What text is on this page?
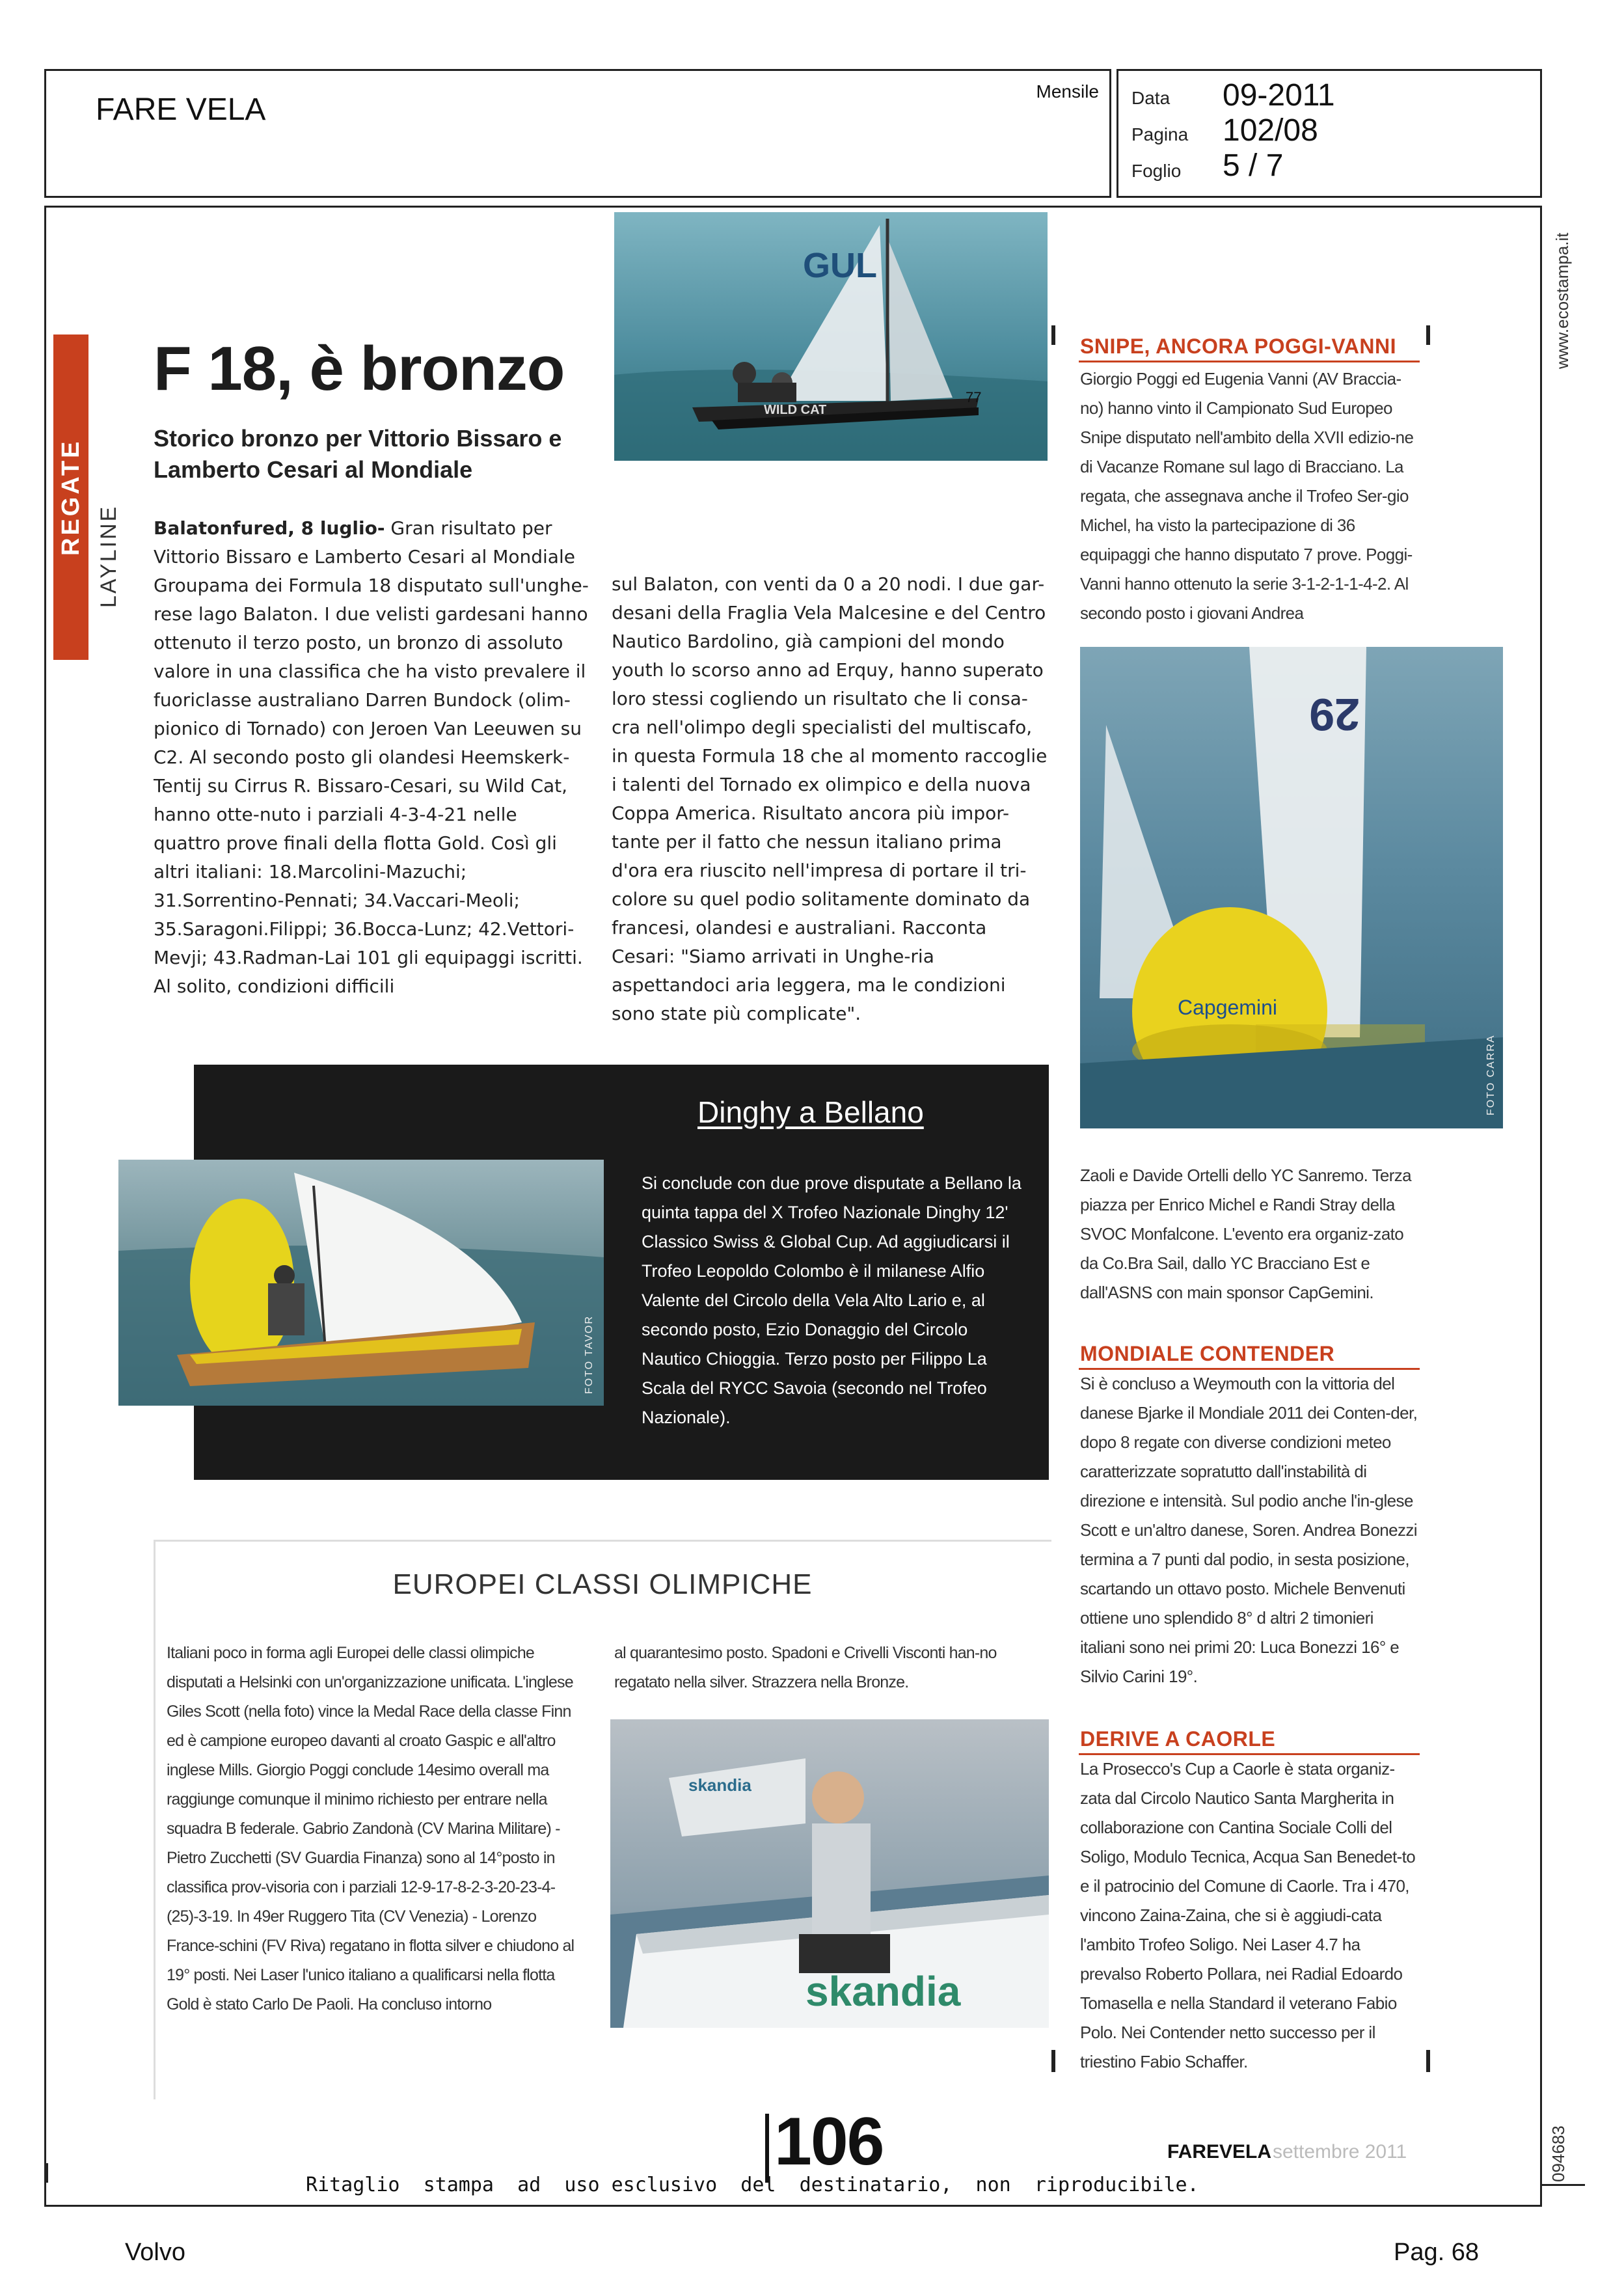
FARE VELA
Mensile Data 09-2011
Pagina 102/08
Foglio 5 / 7
www.ecostampa.it
094683
REGATE
LAYLINE
F 18, è bronzo
Storico bronzo per Vittorio Bissaro e Lamberto Cesari al Mondiale
Balatonfured, 8 luglio- Gran risultato per Vittorio Bissaro e Lamberto Cesari al Mondiale Groupama dei Formula 18 disputato sull'unghe-rese lago Balaton. I due velisti gardesani hanno ottenuto il terzo posto, un bronzo di assoluto valore in una classifica che ha visto prevalere il fuoriclasse australiano Darren Bundock (olim-pionico di Tornado) con Jeroen Van Leeuwen su C2. Al secondo posto gli olandesi Heemskerk-Tentij su Cirrus R. Bissaro-Cesari, su Wild Cat, hanno otte-nuto i parziali 4-3-4-21 nelle quattro prove finali della flotta Gold. Così gli altri italiani: 18.Marcolini-Mazuchi; 31.Sorrentino-Pennati; 34.Vaccari-Meoli; 35.Saragoni.Filippi; 36.Bocca-Lunz; 42.Vettori-Mevji; 43.Radman-Lai 101 gli equipaggi iscritti. Al solito, condizioni difficili
sul Balaton, con venti da 0 a 20 nodi. I due gar-desani della Fraglia Vela Malcesine e del Centro Nautico Bardolino, già campioni del mondo youth lo scorso anno ad Erquy, hanno superato loro stessi cogliendo un risultato che li consa-cra nell'olimpo degli specialisti del multiscafo, in questa Formula 18 che al momento raccoglie i talenti del Tornado ex olimpico e della nuova Coppa America. Risultato ancora più impor-tante per il fatto che nessun italiano prima d'ora era riuscito nell'impresa di portare il tri-colore su quel podio solitamente dominato da francesi, olandesi e australiani. Racconta Cesari: "Siamo arrivati in Unghe-ria aspettandoci aria leggera, ma le condizioni sono state più complicate".
GUL
WILD CAT
77
SNIPE, ANCORA POGGI-VANNI
Giorgio Poggi ed Eugenia Vanni (AV Braccia-no) hanno vinto il Campionato Sud Europeo Snipe disputato nell'ambito della XVII edizio-ne di Vacanze Romane sul lago di Bracciano. La regata, che assegnava anche il Trofeo Ser-gio Michel, ha visto la partecipazione di 36 equipaggi che hanno disputato 7 prove. Poggi-Vanni hanno ottenuto la serie 3-1-2-1-1-4-2. Al secondo posto i giovani Andrea
29
Capgemini
FOTO CARRA
Zaoli e Davide Ortelli dello YC Sanremo. Terza piazza per Enrico Michel e Randi Stray della SVOC Monfalcone. L'evento era organiz-zato da Co.Bra Sail, dallo YC Bracciano Est e dall'ASNS con main sponsor CapGemini.
MONDIALE CONTENDER
Si è concluso a Weymouth con la vittoria del danese Bjarke il Mondiale 2011 dei Conten-der, dopo 8 regate con diverse condizioni meteo caratterizzate sopratutto dall'instabilità di direzione e intensità. Sul podio anche l'in-glese Scott e un'altro danese, Soren. Andrea Bonezzi termina a 7 punti dal podio, in sesta posizione, scartando un ottavo posto. Michele Benvenuti ottiene uno splendido 8° d altri 2 timonieri italiani sono nei primi 20: Luca Bonezzi 16° e Silvio Carini 19°.
DERIVE A CAORLE
La Prosecco's Cup a Caorle è stata organiz-zata dal Circolo Nautico Santa Margherita in collaborazione con Cantina Sociale Colli del Soligo, Modulo Tecnica, Acqua San Benedet-to e il patrocinio del Comune di Caorle. Tra i 470, vincono Zaina-Zaina, che si è aggiudi-cata l'ambito Trofeo Soligo. Nei Laser 4.7 ha prevalso Roberto Pollara, nei Radial Edoardo Tomasella e nella Standard il veterano Fabio Polo. Nei Contender netto successo per il triestino Fabio Schaffer.
FOTO TAVOR
Dinghy a Bellano
Si conclude con due prove disputate a Bellano la quinta tappa del X Trofeo Nazionale Dinghy 12' Classico Swiss & Global Cup. Ad aggiudicarsi il Trofeo Leopoldo Colombo è il milanese Alfio Valente del Circolo della Vela Alto Lario e, al secondo posto, Ezio Donaggio del Circolo Nautico Chioggia. Terzo posto per Filippo La Scala del RYCC Savoia (secondo nel Trofeo Nazionale).
EUROPEI CLASSI OLIMPICHE
Italiani poco in forma agli Europei delle classi olimpiche disputati a Helsinki con un'organizzazione unificata. L'inglese Giles Scott (nella foto) vince la Medal Race della classe Finn ed è campione europeo davanti al croato Gaspic e all'altro inglese Mills. Giorgio Poggi conclude 14esimo overall ma raggiunge comunque il minimo richiesto per entrare nella squadra B federale. Gabrio Zandonà (CV Marina Militare) - Pietro Zucchetti (SV Guardia Finanza) sono al 14°posto in classifica prov-visoria con i parziali 12-9-17-8-2-3-20-23-4-(25)-3-19. In 49er Ruggero Tita (CV Venezia) - Lorenzo France-schini (FV Riva) regatano in flotta silver e chiudono al 19° posti. Nei Laser l'unico italiano a qualificarsi nella flotta Gold è stato Carlo De Paoli. Ha concluso intorno
al quarantesimo posto. Spadoni e Crivelli Visconti han-no regatato nella silver. Strazzera nella Bronze.
skandia
skandia
106	FAREVELA settembre 2011
Ritaglio  stampa  ad  uso esclusivo  del  destinatario,  non  riproducibile.
Volvo	Pag. 68
